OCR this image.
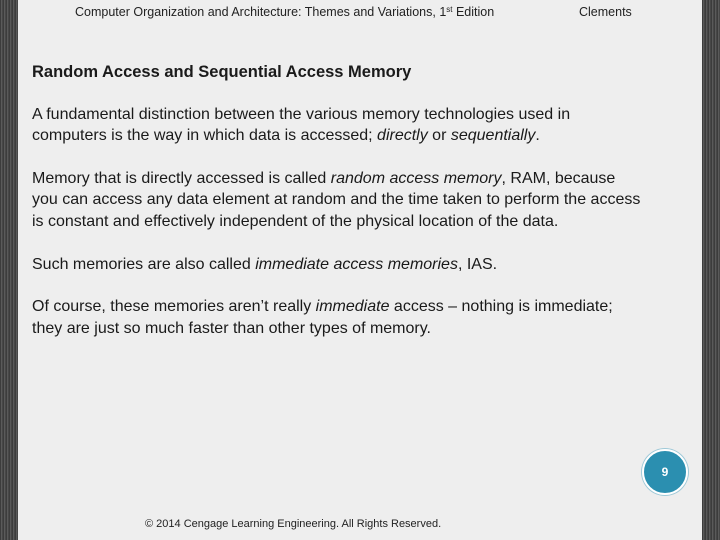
Computer Organization and Architecture: Themes and Variations, 1st Edition	Clements
Random Access and Sequential Access Memory
A fundamental distinction between the various memory technologies used in computers is the way in which data is accessed; directly or sequentially.
Memory that is directly accessed is called random access memory, RAM, because you can access any data element at random and the time taken to perform the access is constant and effectively independent of the physical location of the data.
Such memories are also called immediate access memories, IAS.
Of course, these memories aren’t really immediate access – nothing is immediate; they are just so much faster than other types of memory.
9
© 2014 Cengage Learning Engineering. All Rights Reserved.
